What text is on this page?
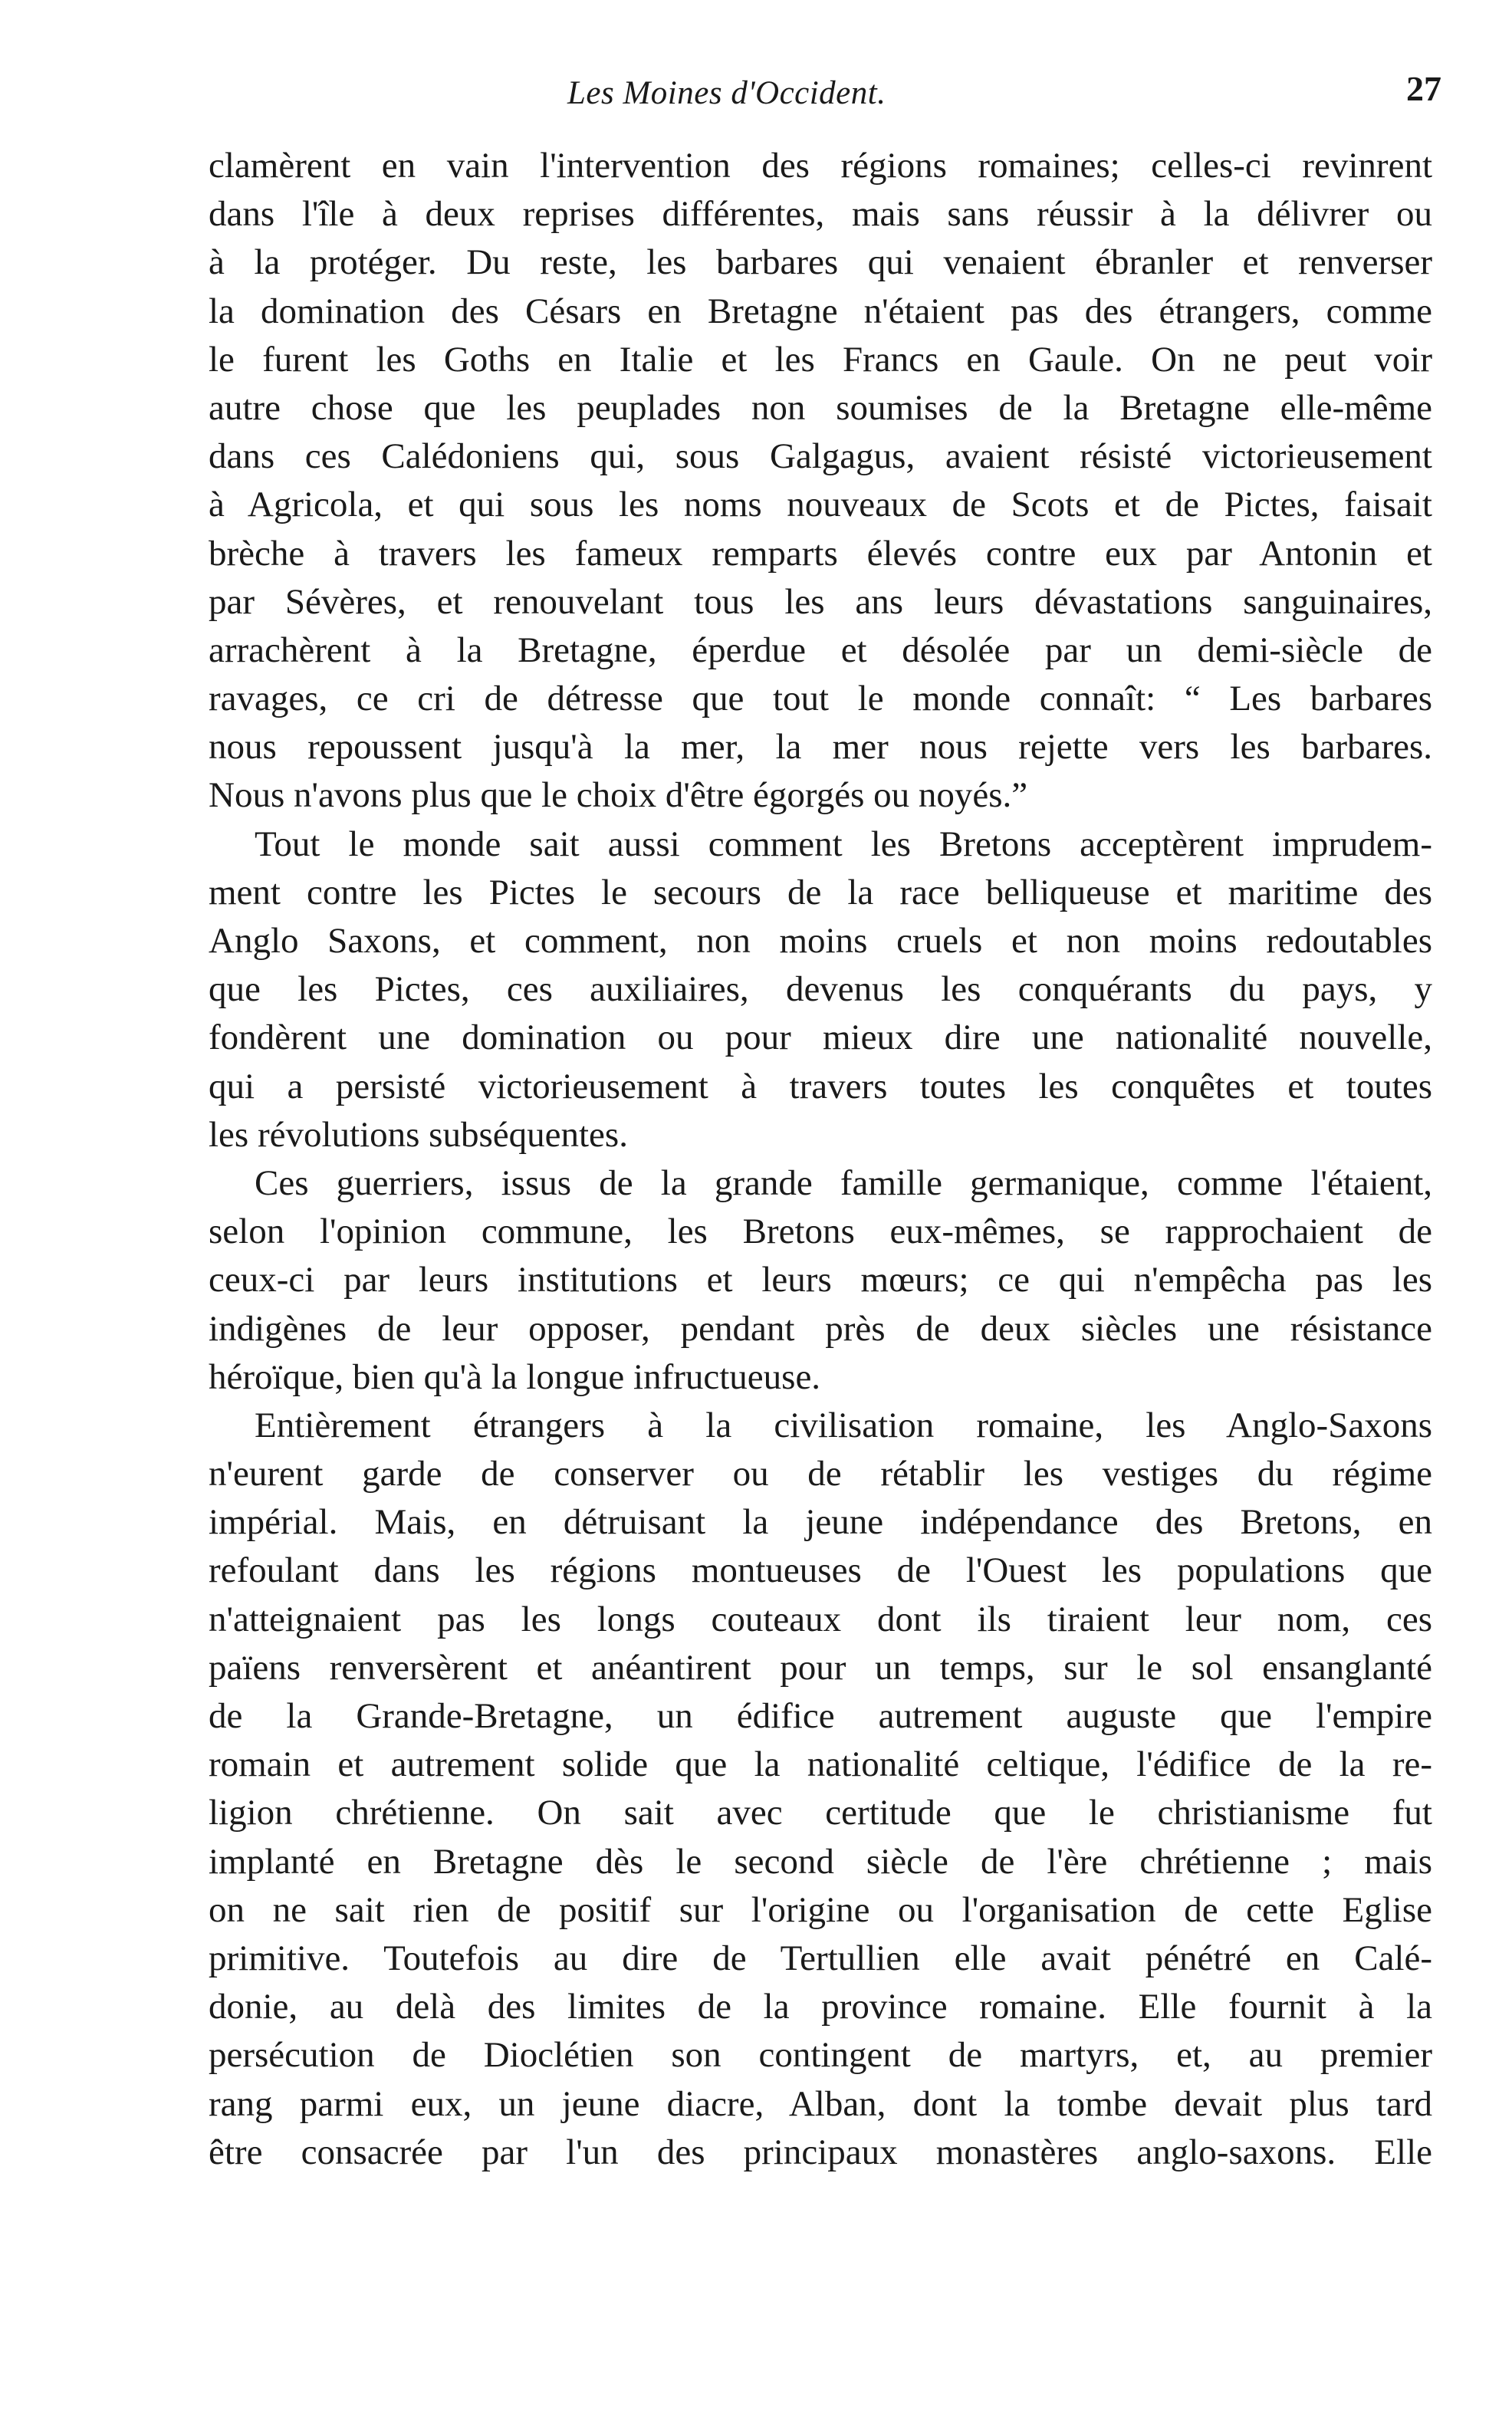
Les Moines d'Occident.	27
clamèrent en vain l'intervention des régions romaines; celles-ci revinrent
dans l'île à deux reprises différentes, mais sans réussir à la délivrer ou
à la protéger. Du reste, les barbares qui venaient ébranler et renverser
la domination des Césars en Bretagne n'étaient pas des étrangers, comme
le furent les Goths en Italie et les Francs en Gaule. On ne peut voir
autre chose que les peuplades non soumises de la Bretagne elle-même
dans ces Calédoniens qui, sous Galgagus, avaient résisté victorieusement
à Agricola, et qui sous les noms nouveaux de Scots et de Pictes, faisait
brèche à travers les fameux remparts élevés contre eux par Antonin et
par Sévères, et renouvelant tous les ans leurs dévastations sanguinaires,
arrachèrent à la Bretagne, éperdue et désolée par un demi-siècle de
ravages, ce cri de détresse que tout le monde connaît: “ Les barbares
nous repoussent jusqu'à la mer, la mer nous rejette vers les barbares.
Nous n'avons plus que le choix d'être égorgés ou noyés.”
Tout le monde sait aussi comment les Bretons acceptèrent imprudem-
ment contre les Pictes le secours de la race belliqueuse et maritime des
Anglo Saxons, et comment, non moins cruels et non moins redoutables
que les Pictes, ces auxiliaires, devenus les conquérants du pays, y
fondèrent une domination ou pour mieux dire une nationalité nouvelle,
qui a persisté victorieusement à travers toutes les conquêtes et toutes
les révolutions subséquentes.
Ces guerriers, issus de la grande famille germanique, comme l'étaient,
selon l'opinion commune, les Bretons eux-mêmes, se rapprochaient de
ceux-ci par leurs institutions et leurs mœurs; ce qui n'empêcha pas les
indigènes de leur opposer, pendant près de deux siècles une résistance
héroïque, bien qu'à la longue infructueuse.
Entièrement étrangers à la civilisation romaine, les Anglo-Saxons
n'eurent garde de conserver ou de rétablir les vestiges du régime
impérial. Mais, en détruisant la jeune indépendance des Bretons, en
refoulant dans les régions montueuses de l'Ouest les populations que
n'atteignaient pas les longs couteaux dont ils tiraient leur nom, ces
païens renversèrent et anéantirent pour un temps, sur le sol ensanglanté
de la Grande-Bretagne, un édifice autrement auguste que l'empire
romain et autrement solide que la nationalité celtique, l'édifice de la re-
ligion chrétienne. On sait avec certitude que le christianisme fut
implanté en Bretagne dès le second siècle de l'ère chrétienne ; mais
on ne sait rien de positif sur l'origine ou l'organisation de cette Eglise
primitive. Toutefois au dire de Tertullien elle avait pénétré en Calé-
donie, au delà des limites de la province romaine. Elle fournit à la
persécution de Dioclétien son contingent de martyrs, et, au premier
rang parmi eux, un jeune diacre, Alban, dont la tombe devait plus tard
être consacrée par l'un des principaux monastères anglo-saxons. Elle
